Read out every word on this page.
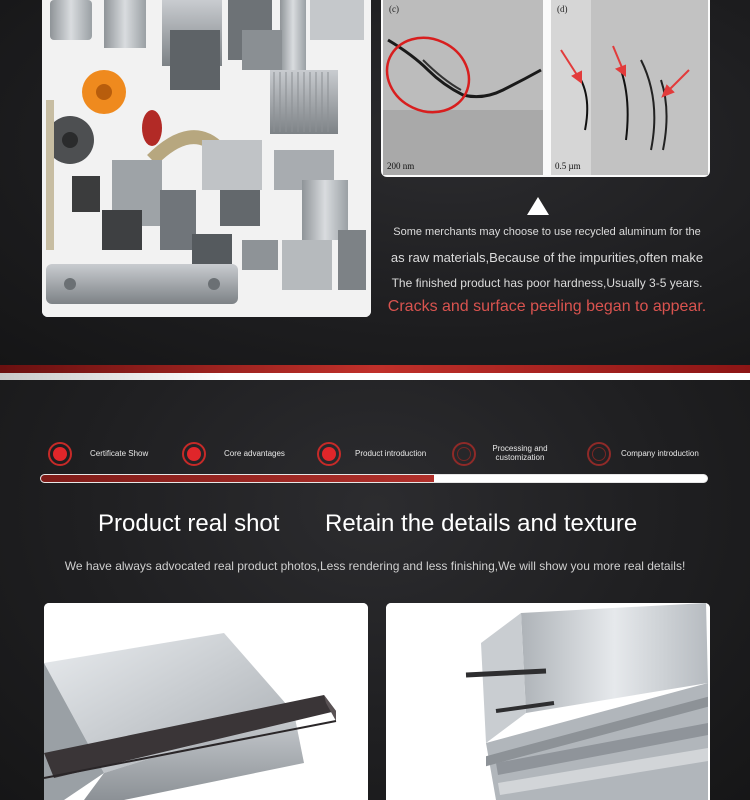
(c)
200 nm
(d)
0.5 µm
Some merchants may choose to use recycled aluminum for the
as raw materials,Because of the impurities,often make
The finished product has poor hardness,Usually 3-5 years.
Cracks and surface peeling began to appear.
Certificate Show	Core advantages	Product introduction
Processing and customization	Company introduction
Product real shot Retain the details and texture
We have always advocated real product photos,Less rendering and less finishing,We will show you more real details!
